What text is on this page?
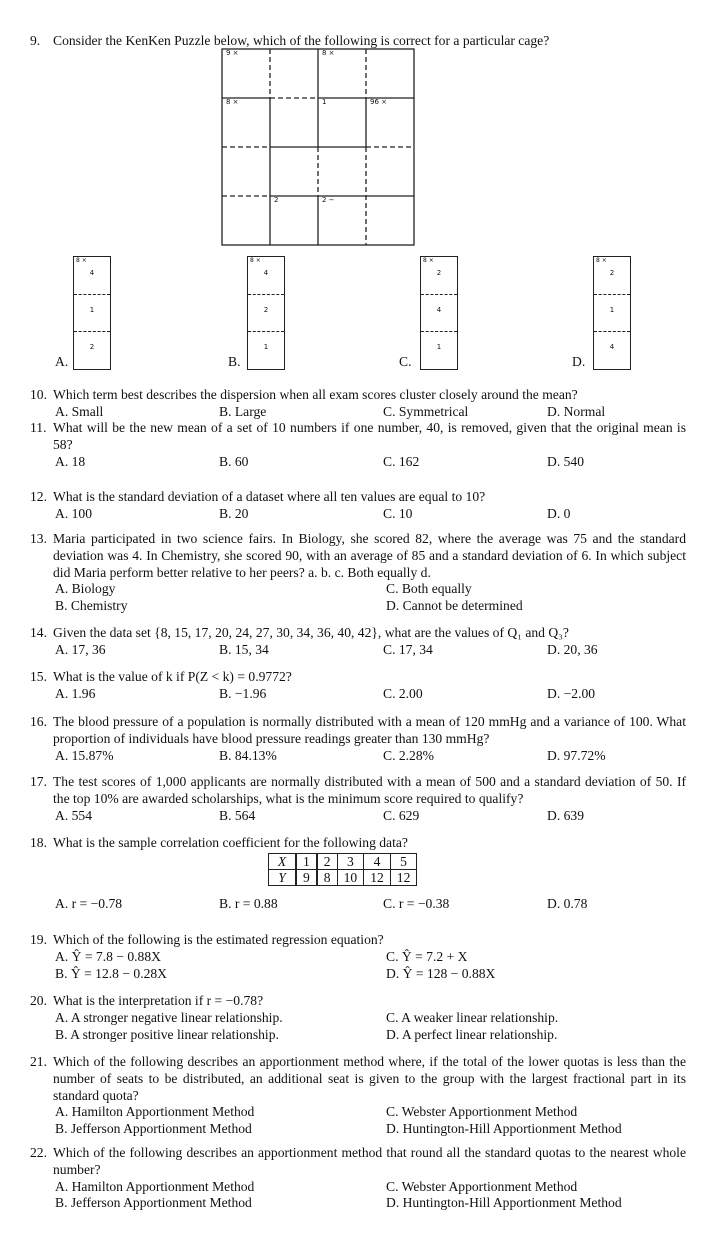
9 ×	8 ×
8 ×	1	96 ×
2	2 −
9. Consider the KenKen Puzzle below, which of the following is correct for a particular cage?
10. Which term best describes the dispersion when all exam scores cluster closely around the mean?
A. Small	B. Large	C. Symmetrical	D. Normal
11. What will be the new mean of a set of 10 numbers if one number, 40, is removed, given that the original mean is 58?
A. 18	B. 60	C. 162	D. 540
12. What is the standard deviation of a dataset where all ten values are equal to 10?
A. 100	B. 20	C. 10	D. 0
13. Maria participated in two science fairs. In Biology, she scored 82, where the average was 75 and the standard deviation was 4. In Chemistry, she scored 90, with an average of 85 and a standard deviation of 6. In which subject did Maria perform better relative to her peers? a. b. c. Both equally d.
A. Biology	C. Both equally
B. Chemistry	D. Cannot be determined
14. Given the data set {8, 15, 17, 20, 24, 27, 30, 34, 36, 40, 42}, what are the values of Q₁ and Q₃?
A. 17, 36	B. 15, 34	C. 17, 34	D. 20, 36
15. What is the value of k if P(Z < k) = 0.9772?
A. 1.96	B. −1.96	C. 2.00	D. −2.00
16. The blood pressure of a population is normally distributed with a mean of 120 mmHg and a variance of 100. What proportion of individuals have blood pressure readings greater than 130 mmHg?
A. 15.87%	B. 84.13%	C. 2.28%	D. 97.72%
17. The test scores of 1,000 applicants are normally distributed with a mean of 500 and a standard deviation of 50. If the top 10% are awarded scholarships, what is the minimum score required to qualify?
A. 554	B. 564	C. 629	D. 639
18. What is the sample correlation coefficient for the following data?
X	1	2	3	4	5
Y	9	8	10	12	12
A. r = −0.78	B. r = 0.88	C. r = −0.38	D. 0.78
19. Which of the following is the estimated regression equation?
A. Ŷ = 7.8 − 0.88X	C. Ŷ = 7.2 + X
B. Ŷ = 12.8 − 0.28X	D. Ŷ = 128 − 0.88X
20. What is the interpretation if r = −0.78?
A. A stronger negative linear relationship.	C. A weaker linear relationship.
B. A stronger positive linear relationship.	D. A perfect linear relationship.
21. Which of the following describes an apportionment method where, if the total of the lower quotas is less than the number of seats to be distributed, an additional seat is given to the group with the largest fractional part in its standard quota?
A. Hamilton Apportionment Method	C. Webster Apportionment Method
B. Jefferson Apportionment Method	D. Huntington-Hill Apportionment Method
22. Which of the following describes an apportionment method that round all the standard quotas to the nearest whole number?
A. Hamilton Apportionment Method	C. Webster Apportionment Method
B. Jefferson Apportionment Method	D. Huntington-Hill Apportionment Method
A.
8 ×
4
1
2
B.
8 ×
4
2
1
C.
8 ×
2
4
1
D.
8 ×
2
1
4
